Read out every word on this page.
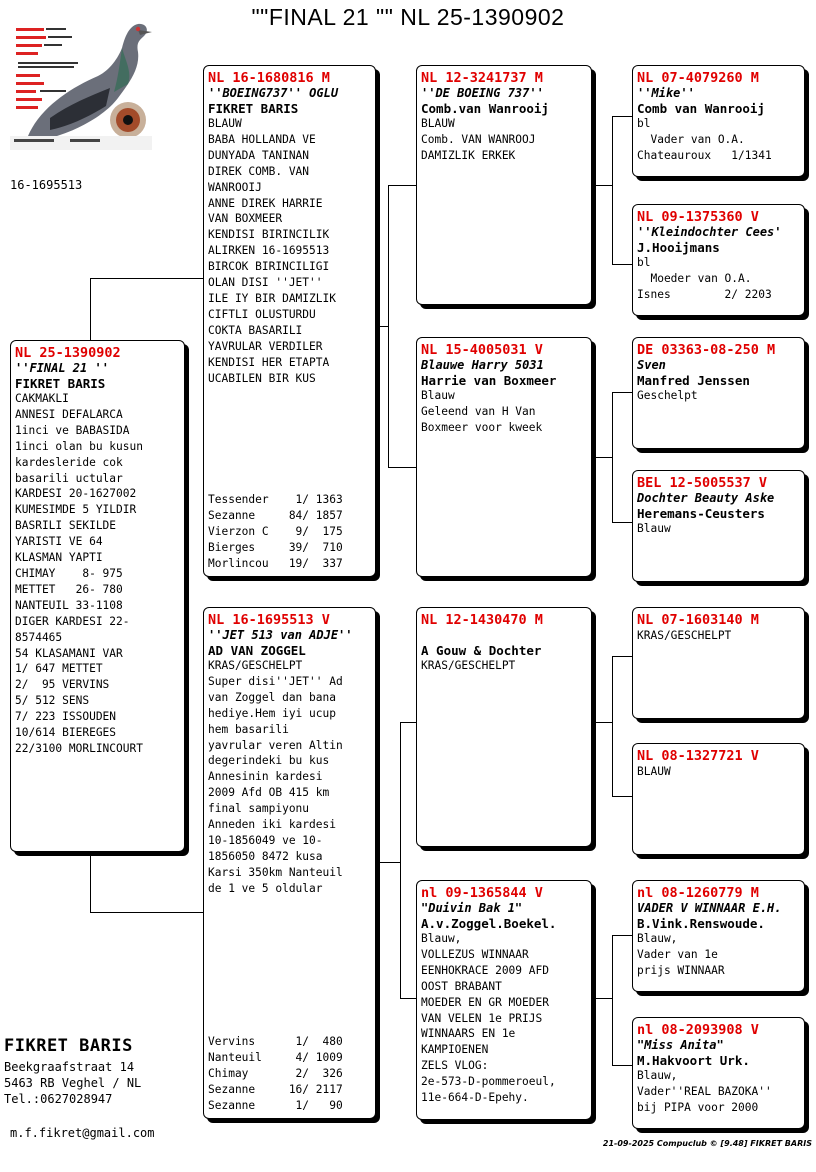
""FINAL 21 "" NL 25-1390902
16-1695513
NL 25-1390902
''FINAL 21 ''
FIKRET BARIS
CAKMAKLI
ANNESI DEFALARCA
1inci ve BABASIDA
1inci olan bu kusun
kardesleride cok
basarili uctular
KARDESI 20-1627002
KUMESIMDE 5 YILDIR
BASRILI SEKILDE
YARISTI VE 64
KLASMAN YAPTI
CHIMAY    8- 975
METTET   26- 780
NANTEUIL 33-1108
DIGER KARDESI 22-
8574465
54 KLASAMANI VAR
1/ 647 METTET
2/  95 VERVINS
5/ 512 SENS
7/ 223 ISSOUDEN
10/614 BIEREGES
22/3100 MORLINCOURT
NL 16-1680816 M
''BOEING737'' OGLU
FIKRET BARIS
BLAUW
BABA HOLLANDA VE
DUNYADA TANINAN
DIREK COMB. VAN
WANROOIJ
ANNE DIREK HARRIE
VAN BOXMEER
KENDISI BIRINCILIK
ALIRKEN 16-1695513
BIRCOK BIRINCILIGI
OLAN DISI ''JET''
ILE IY BIR DAMIZLIK
CIFTLI OLUSTURDU
COKTA BASARILI
YAVRULAR VERDILER
KENDISI HER ETAPTA
UCABILEN BIR KUS
Tessender    1/ 1363
Sezanne     84/ 1857
Vierzon C    9/  175
Bierges     39/  710
Morlincou   19/  337
NL 16-1695513 V
''JET 513 van ADJE''
AD VAN ZOGGEL
KRAS/GESCHELPT
Super disi''JET'' Ad
van Zoggel dan bana
hediye.Hem iyi ucup
hem basarili
yavrular veren Altin
degerindeki bu kus
Annesinin kardesi
2009 Afd OB 415 km
final sampiyonu
Anneden iki kardesi
10-1856049 ve 10-
1856050 8472 kusa
Karsi 350km Nanteuil
de 1 ve 5 oldular
Vervins      1/  480
Nanteuil     4/ 1009
Chimay       2/  326
Sezanne     16/ 2117
Sezanne      1/   90
NL 12-3241737 M
''DE BOEING 737''
Comb.van Wanrooij
BLAUW
Comb. VAN WANROOJ
DAMIZLIK ERKEK
NL 15-4005031 V
Blauwe Harry 5031
Harrie van Boxmeer
Blauw
Geleend van H Van
Boxmeer voor kweek
NL 12-1430470 M

A Gouw & Dochter
KRAS/GESCHELPT
nl 09-1365844 V
"Duivin Bak 1"
A.v.Zoggel.Boekel.
Blauw,
VOLLEZUS WINNAAR
EENHOKRACE 2009 AFD
OOST BRABANT
MOEDER EN GR MOEDER
VAN VELEN 1e PRIJS
WINNAARS EN 1e
KAMPIOENEN
ZELS VLOG:
2e-573-D-pommeroeul,
11e-664-D-Epehy.
NL 07-4079260 M
''Mike''
Comb van Wanrooij
bl
Vader van O.A.
Chateauroux   1/1341
NL 09-1375360 V
''Kleindochter Cees'
J.Hooijmans
bl
Moeder van O.A.
Isnes        2/ 2203
DE 03363-08-250 M
Sven
Manfred Jenssen
Geschelpt
BEL 12-5005537 V
Dochter Beauty Aske
Heremans-Ceusters
Blauw
NL 07-1603140 M
KRAS/GESCHELPT
NL 08-1327721 V
BLAUW
nl 08-1260779 M
VADER V WINNAAR E.H.
B.Vink.Renswoude.
Blauw,
Vader van 1e
prijs WINNAAR
nl 08-2093908 V
"Miss Anita"
M.Hakvoort Urk.
Blauw,
Vader''REAL BAZOKA''
bij PIPA voor 2000
FIKRET BARIS
Beekgraafstraat 14
5463 RB Veghel / NL
Tel.:0627028947
m.f.fikret@gmail.com
21-09-2025 Compuclub © [9.48] FIKRET BARIS
